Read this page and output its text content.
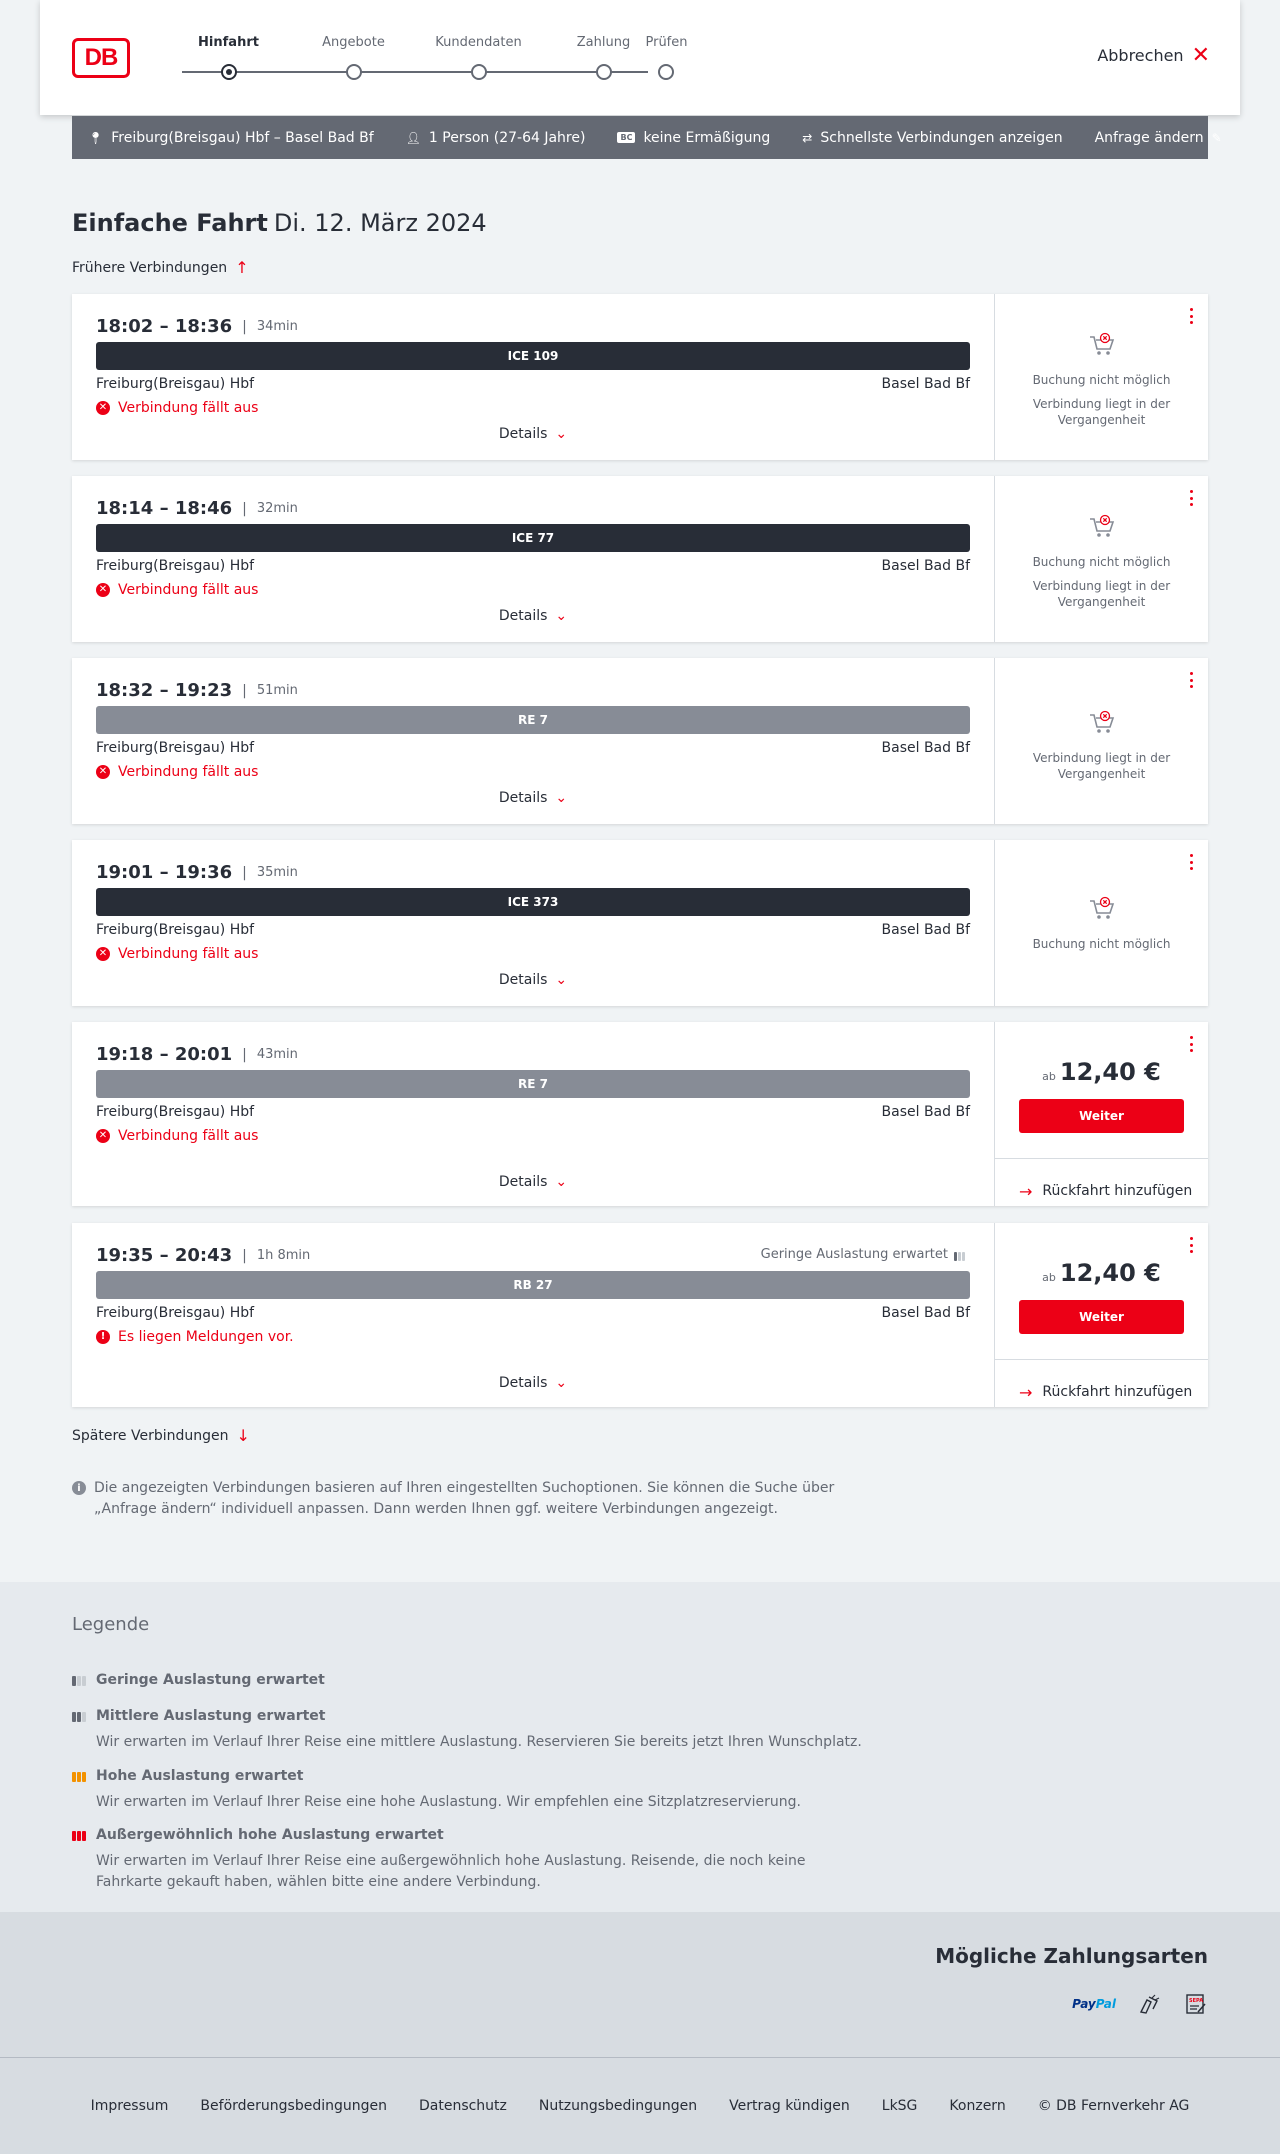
DB
Hinfahrt	Angebote	Kundendaten	Zahlung	Prüfen
Abbrechen ✕
📍︎ Freiburg(Breisgau) Hbf – Basel Bad Bf	👤︎ 1 Person (27-64 Jahre)	BC keine Ermäßigung	⇄ Schnellste Verbindungen anzeigen Anfrage ändern ✎
Einfache Fahrt Di. 12. März 2024
Frühere Verbindungen ↑
18:02 – 18:36 | 34min
ICE 109
Freiburg(Breisgau) Hbf	Basel Bad Bf
✕ Verbindung fällt aus
Details ⌄
Buchung nicht möglich
Verbindung liegt in der Vergangenheit
18:14 – 18:46 | 32min
ICE 77
Freiburg(Breisgau) Hbf	Basel Bad Bf
✕ Verbindung fällt aus
Details ⌄
Buchung nicht möglich
Verbindung liegt in der Vergangenheit
18:32 – 19:23 | 51min
RE 7
Freiburg(Breisgau) Hbf	Basel Bad Bf
✕ Verbindung fällt aus
Details ⌄
Verbindung liegt in der Vergangenheit
19:01 – 19:36 | 35min
ICE 373
Freiburg(Breisgau) Hbf	Basel Bad Bf
✕ Verbindung fällt aus
Details ⌄
Buchung nicht möglich
19:18 – 20:01 | 43min
RE 7
Freiburg(Breisgau) Hbf	Basel Bad Bf
✕ Verbindung fällt aus
Details ⌄
ab 12,40 €
Weiter
→ Rückfahrt hinzufügen
19:35 – 20:43 | 1h 8min	Geringe Auslastung erwartet
RB 27
Freiburg(Breisgau) Hbf	Basel Bad Bf
! Es liegen Meldungen vor.
Details ⌄
ab 12,40 €
Weiter
→ Rückfahrt hinzufügen
Spätere Verbindungen ↓
i Die angezeigten Verbindungen basieren auf Ihren eingestellten Suchoptionen. Sie können die Suche über „Anfrage ändern“ individuell anpassen. Dann werden Ihnen ggf. weitere Verbindungen angezeigt.
Legende
Geringe Auslastung erwartet
Mittlere Auslastung erwartet
Wir erwarten im Verlauf Ihrer Reise eine mittlere Auslastung. Reservieren Sie bereits jetzt Ihren Wunschplatz.
Hohe Auslastung erwartet
Wir erwarten im Verlauf Ihrer Reise eine hohe Auslastung. Wir empfehlen eine Sitzplatzreservierung.
Außergewöhnlich hohe Auslastung erwartet
Wir erwarten im Verlauf Ihrer Reise eine außergewöhnlich hohe Auslastung. Reisende, die noch keine Fahrkarte gekauft haben, wählen bitte eine andere Verbindung.
Mögliche Zahlungsarten
PayPal	SEPA
Impressum Beförderungsbedingungen Datenschutz Nutzungsbedingungen Vertrag kündigen LkSG Konzern © DB Fernverkehr AG
